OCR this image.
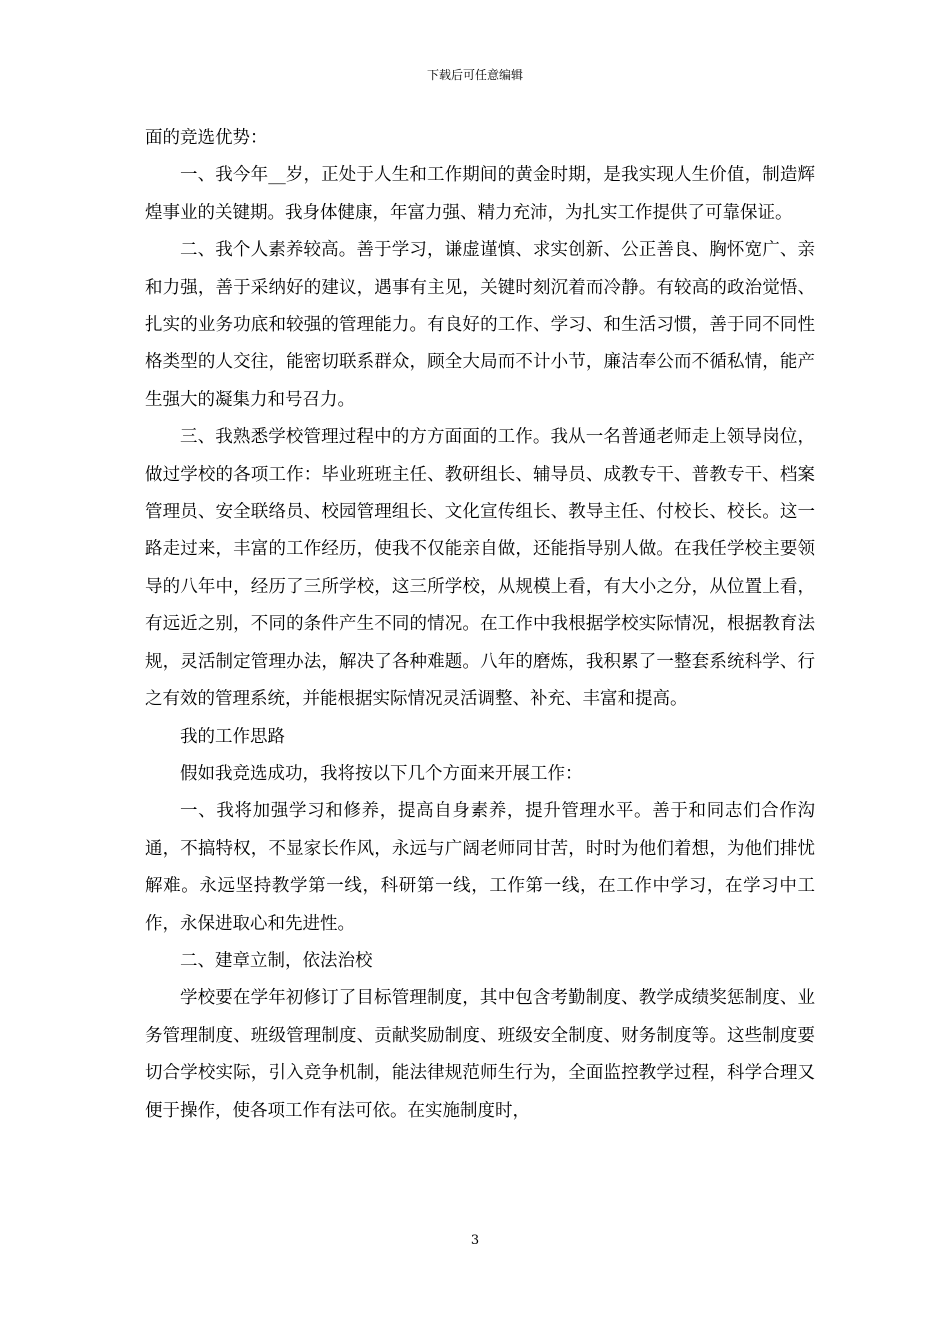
下载后可任意编辑

面的竞选优势：

一、我今年__岁，正处于人生和工作期间的黄金时期，是我实现人生价值，制造辉煌事业的关键期。我身体健康，年富力强、精力充沛，为扎实工作提供了可靠保证。

二、我个人素养较高。善于学习，谦虚谨慎、求实创新、公正善良、胸怀宽广、亲和力强，善于采纳好的建议，遇事有主见，关键时刻沉着而冷静。有较高的政治觉悟、扎实的业务功底和较强的管理能力。有良好的工作、学习、和生活习惯，善于同不同性格类型的人交往，能密切联系群众，顾全大局而不计小节，廉洁奉公而不循私情，能产生强大的凝集力和号召力。

三、我熟悉学校管理过程中的方方面面的工作。我从一名普通老师走上领导岗位，做过学校的各项工作：毕业班班主任、教研组长、辅导员、成教专干、普教专干、档案管理员、安全联络员、校园管理组长、文化宣传组长、教导主任、付校长、校长。这一路走过来，丰富的工作经历，使我不仅能亲自做，还能指导别人做。在我任学校主要领导的八年中，经历了三所学校，这三所学校，从规模上看，有大小之分，从位置上看，有远近之别，不同的条件产生不同的情况。在工作中我根据学校实际情况，根据教育法规，灵活制定管理办法，解决了各种难题。八年的磨炼，我积累了一整套系统科学、行之有效的管理系统，并能根据实际情况灵活调整、补充、丰富和提高。

我的工作思路

假如我竞选成功，我将按以下几个方面来开展工作：

一、我将加强学习和修养，提高自身素养，提升管理水平。善于和同志们合作沟通，不搞特权，不显家长作风，永远与广阔老师同甘苦，时时为他们着想，为他们排忧解难。永远坚持教学第一线，科研第一线，工作第一线，在工作中学习，在学习中工作，永保进取心和先进性。

二、建章立制，依法治校

学校要在学年初修订了目标管理制度，其中包含考勤制度、教学成绩奖惩制度、业务管理制度、班级管理制度、贡献奖励制度、班级安全制度、财务制度等。这些制度要切合学校实际，引入竞争机制，能法律规范师生行为，全面监控教学过程，科学合理又便于操作，使各项工作有法可依。在实施制度时，

3
